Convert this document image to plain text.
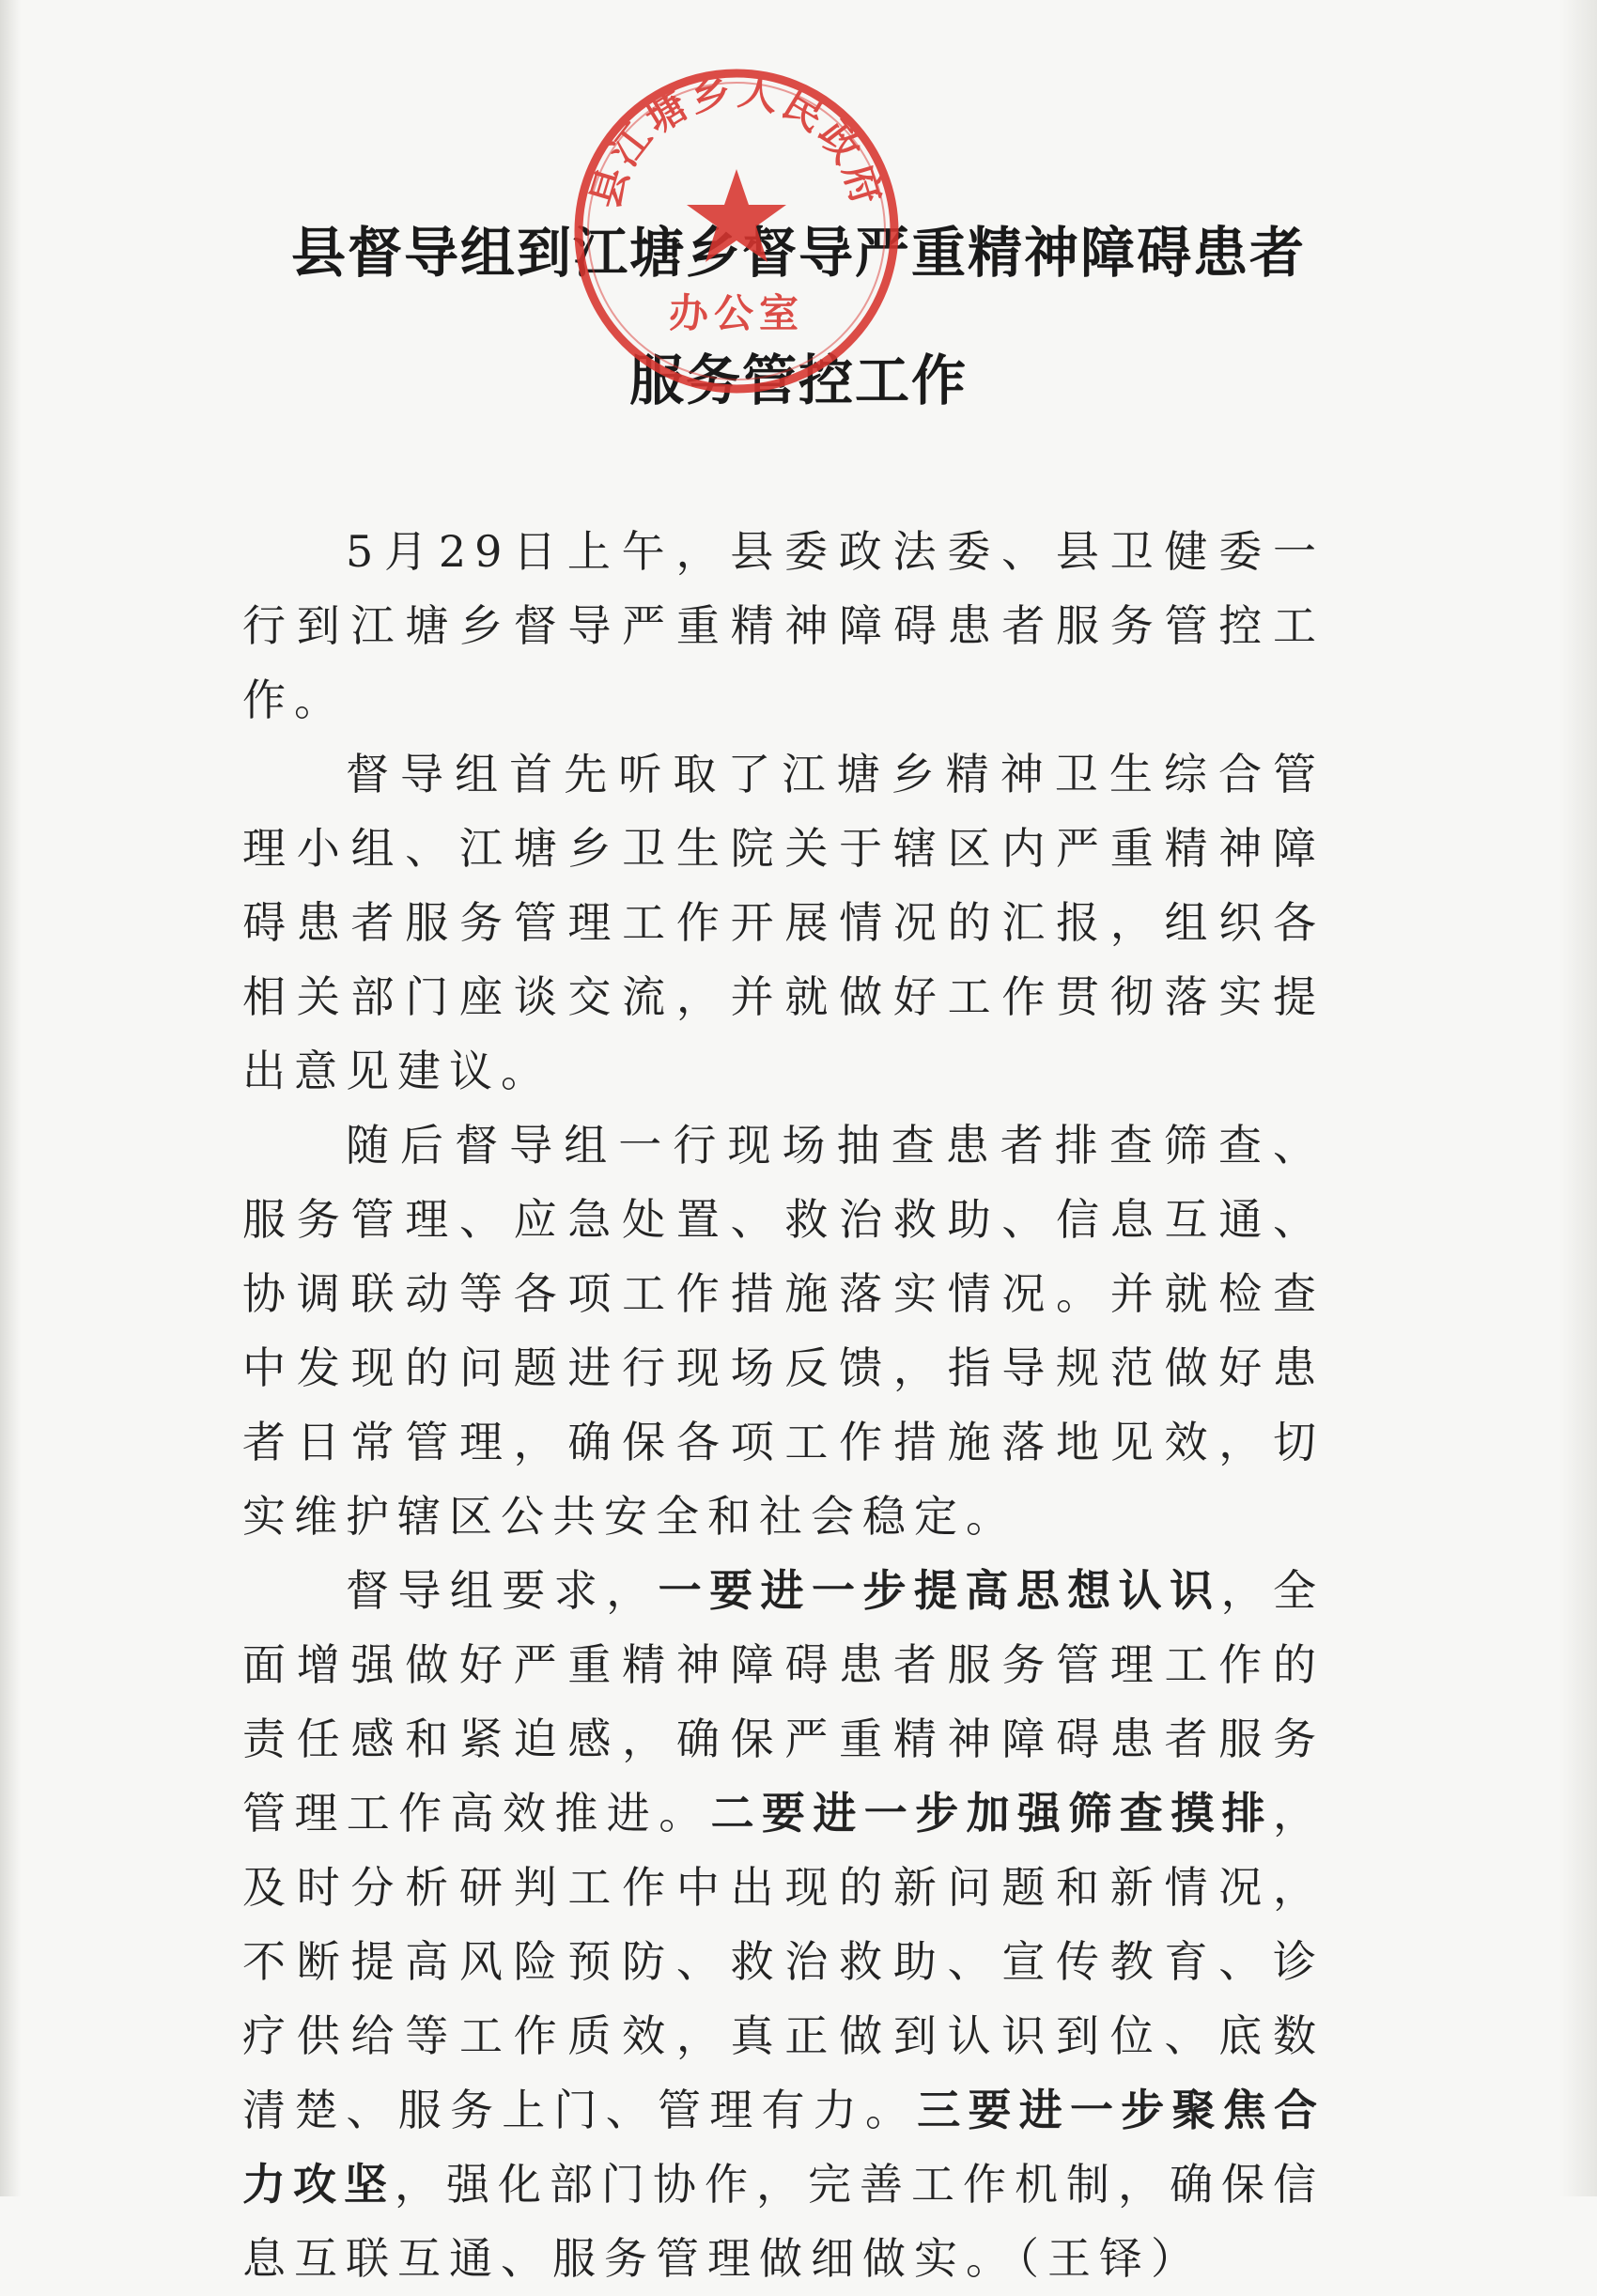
县督导组到江塘乡督导严重精神障碍患者
服务管控工作
县江塘乡人民政府
办公室

5月29日上午，县委政法委、县卫健委一行到江塘乡督导严重精神障碍患者服务管控工作。

督导组首先听取了江塘乡精神卫生综合管理小组、江塘乡卫生院关于辖区内严重精神障碍患者服务管理工作开展情况的汇报，组织各相关部门座谈交流，并就做好工作贯彻落实提出意见建议。

随后督导组一行现场抽查患者排查筛查、服务管理、应急处置、救治救助、信息互通、协调联动等各项工作措施落实情况。并就检查中发现的问题进行现场反馈，指导规范做好患者日常管理，确保各项工作措施落地见效，切实维护辖区公共安全和社会稳定。

督导组要求，一要进一步提高思想认识，全面增强做好严重精神障碍患者服务管理工作的责任感和紧迫感，确保严重精神障碍患者服务管理工作高效推进。二要进一步加强筛查摸排，及时分析研判工作中出现的新问题和新情况，不断提高风险预防、救治救助、宣传教育、诊疗供给等工作质效，真正做到认识到位、底数清楚、服务上门、管理有力。三要进一步聚焦合力攻坚，强化部门协作，完善工作机制，确保信息互联互通、服务管理做细做实。（王铎）
